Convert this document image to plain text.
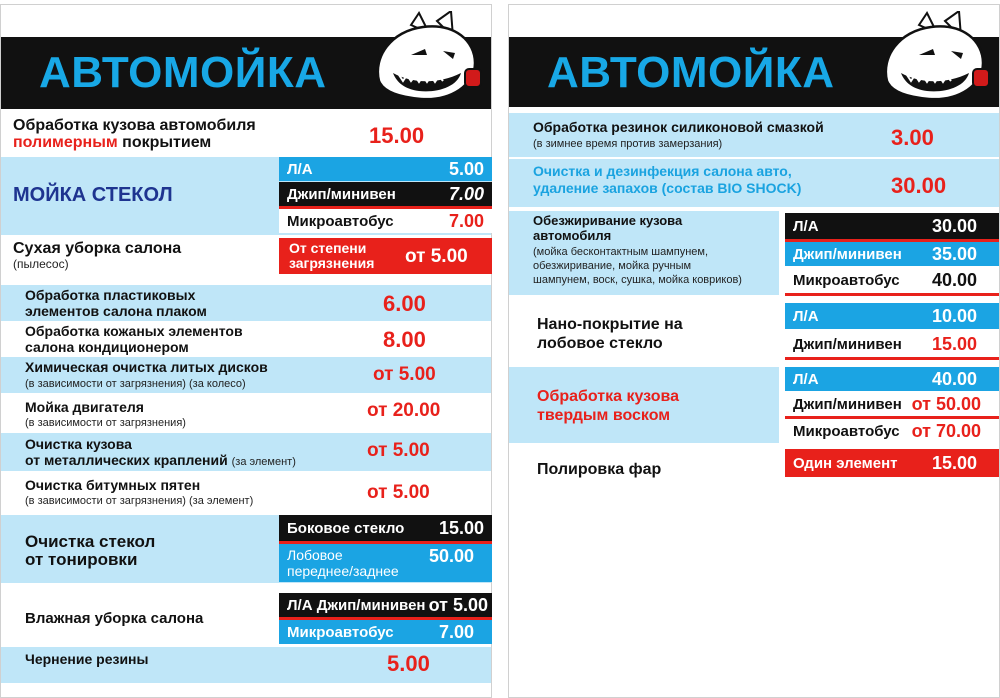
АВТОМОЙКА
Обработка кузова автомобиля
полимерным покрытием	15.00
МОЙКА СТЕКОЛ
Л/А	5.00
Джип/минивен	7.00
Микроавтобус	7.00
Сухая уборка салона
(пылесос)
От степени
загрязнения от 5.00
Обработка пластиковых
элементов салона плаком	6.00
Обработка кожаных элементов
салона кондиционером	8.00
Химическая очистка литых дисков
(в зависимости от загрязнения) (за колесо)	от 5.00
Мойка двигателя
(в зависимости от загрязнения)
от 20.00
Очистка кузова
от металлических краплений (за элемент)
от 5.00
Очистка битумных пятен
(в зависимости от загрязнения) (за элемент)	от 5.00
Очистка стекол
от тонировки
Боковое стекло	15.00
Лобовое
переднее/заднее
50.00
Влажная уборка салона
Л/А Джип/минивен от 5.00
Микроавтобус	7.00
Чернение резины	5.00
АВТОМОЙКА
Обработка резинок силиконовой смазкой
(в зимнее время против замерзания)	3.00
Очистка и дезинфекция салона авто,
удаление запахов (состав BIO SHOCK)	30.00
Обезжиривание кузова
автомобиля
(мойка бесконтактным шампунем,
обезжиривание, мойка ручным
шампунем, воск, сушка, мойка ковриков)
Л/А	30.00
Джип/минивен	35.00
Микроавтобус	40.00
Нано-покрытие на
лобовое стекло
Л/А	10.00
Джип/минивен	15.00
Обработка кузова
твердым воском
Л/А	40.00
Джип/минивен от 50.00
Микроавтобус от 70.00
Полировка фар	Один элемент	15.00
